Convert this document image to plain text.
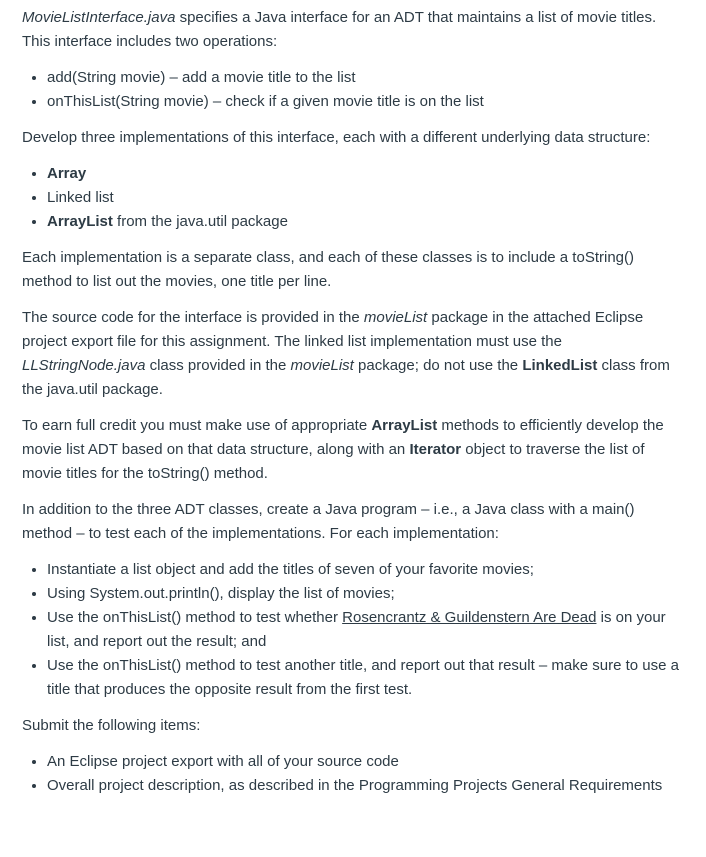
MovieListInterface.java specifies a Java interface for an ADT that maintains a list of movie titles. This interface includes two operations:

• add(String movie) – add a movie title to the list
• onThisList(String movie) – check if a given movie title is on the list

Develop three implementations of this interface, each with a different underlying data structure:

• Array
• Linked list
• ArrayList from the java.util package

Each implementation is a separate class, and each of these classes is to include a toString() method to list out the movies, one title per line.

The source code for the interface is provided in the movieList package in the attached Eclipse project export file for this assignment. The linked list implementation must use the LLStringNode.java class provided in the movieList package; do not use the LinkedList class from the java.util package.

To earn full credit you must make use of appropriate ArrayList methods to efficiently develop the movie list ADT based on that data structure, along with an Iterator object to traverse the list of movie titles for the toString() method.

In addition to the three ADT classes, create a Java program – i.e., a Java class with a main() method – to test each of the implementations. For each implementation:

• Instantiate a list object and add the titles of seven of your favorite movies;
• Using System.out.println(), display the list of movies;
• Use the onThisList() method to test whether Rosencrantz & Guildenstern Are Dead is on your list, and report out the result; and
• Use the onThisList() method to test another title, and report out that result – make sure to use a title that produces the opposite result from the first test.

Submit the following items:

• An Eclipse project export with all of your source code
• Overall project description, as described in the Programming Projects General Requirements
